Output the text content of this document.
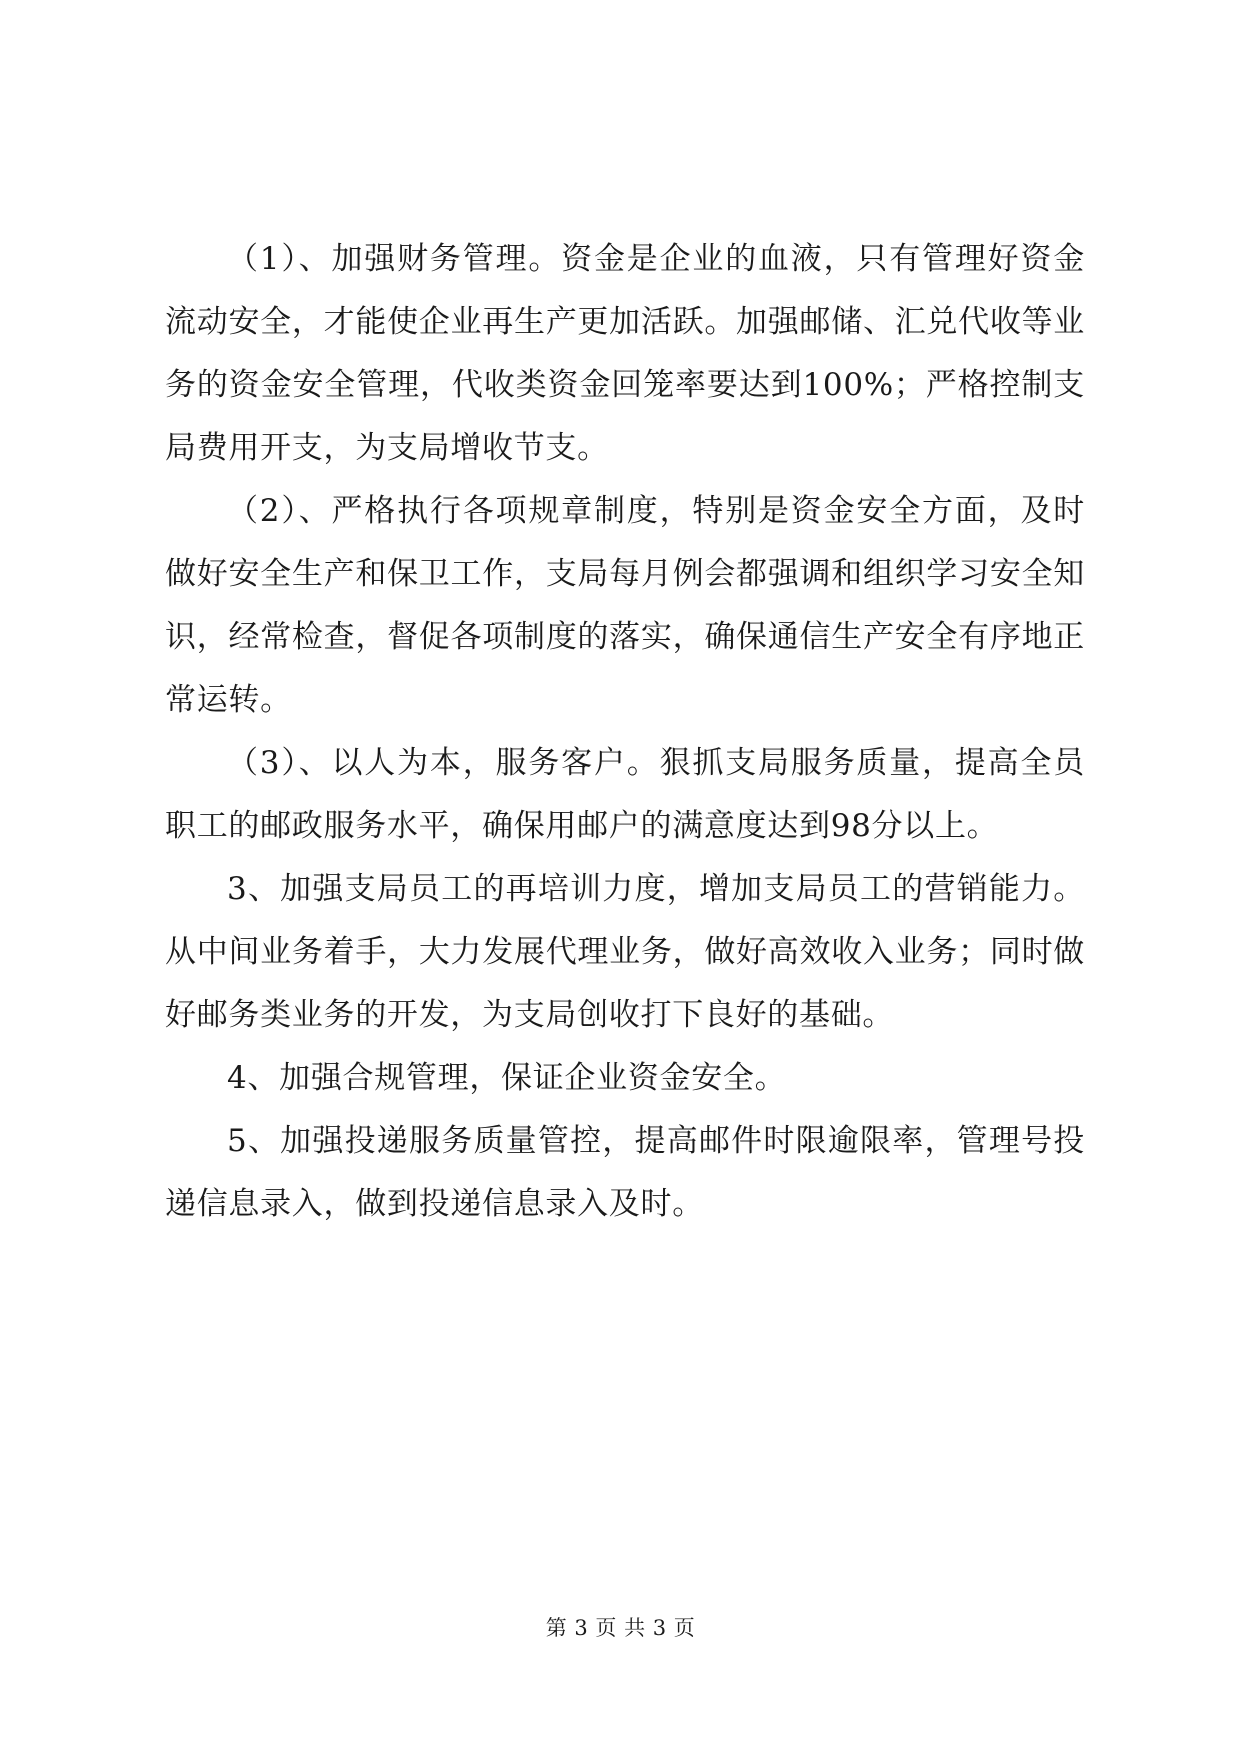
（1）、加强财务管理。资金是企业的血液，只有管理好资金流动安全，才能使企业再生产更加活跃。加强邮储、汇兑代收等业务的资金安全管理，代收类资金回笼率要达到100%；严格控制支局费用开支，为支局增收节支。

（2）、严格执行各项规章制度，特别是资金安全方面，及时做好安全生产和保卫工作，支局每月例会都强调和组织学习安全知识，经常检查，督促各项制度的落实，确保通信生产安全有序地正常运转。

（3）、以人为本，服务客户。狠抓支局服务质量，提高全员职工的邮政服务水平，确保用邮户的满意度达到98分以上。

3、加强支局员工的再培训力度，增加支局员工的营销能力。从中间业务着手，大力发展代理业务，做好高效收入业务；同时做好邮务类业务的开发，为支局创收打下良好的基础。

4、加强合规管理，保证企业资金安全。

5、加强投递服务质量管控，提高邮件时限逾限率，管理号投递信息录入，做到投递信息录入及时。

第 3 页 共 3 页
